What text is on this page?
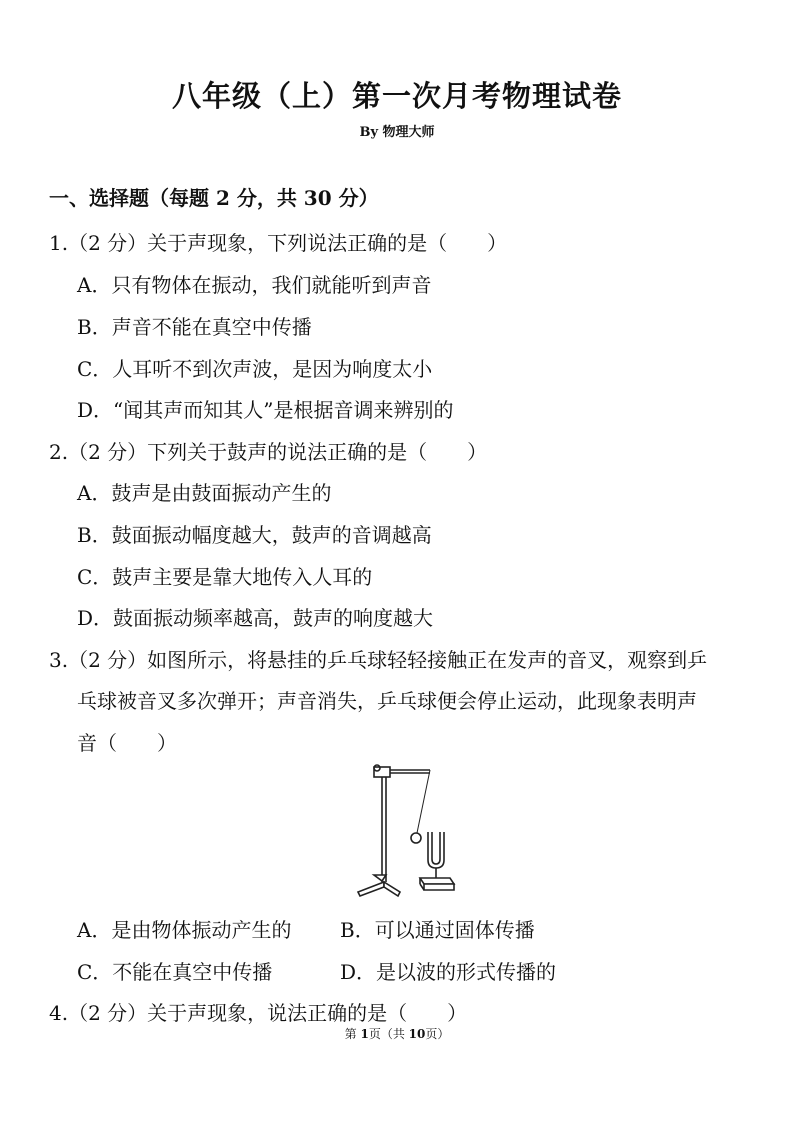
八年级（上）第一次月考物理试卷
By 物理大师
一、选择题（每题 2 分，共 30 分）
1.（2 分）关于声现象，下列说法正确的是（　　）
A．只有物体在振动，我们就能听到声音
B．声音不能在真空中传播
C．人耳听不到次声波，是因为响度太小
D．“闻其声而知其人”是根据音调来辨别的
2.（2 分）下列关于鼓声的说法正确的是（　　）
A．鼓声是由鼓面振动产生的
B．鼓面振动幅度越大，鼓声的音调越高
C．鼓声主要是靠大地传入人耳的
D．鼓面振动频率越高，鼓声的响度越大
3.（2 分）如图所示，将悬挂的乒乓球轻轻接触正在发声的音叉，观察到乒
乓球被音叉多次弹开；声音消失，乒乓球便会停止运动，此现象表明声
音（　　）
A．是由物体振动产生的 B．可以通过固体传播
C．不能在真空中传播	D．是以波的形式传播的
4.（2 分）关于声现象，说法正确的是（　　）
第 1页（共 10页）
